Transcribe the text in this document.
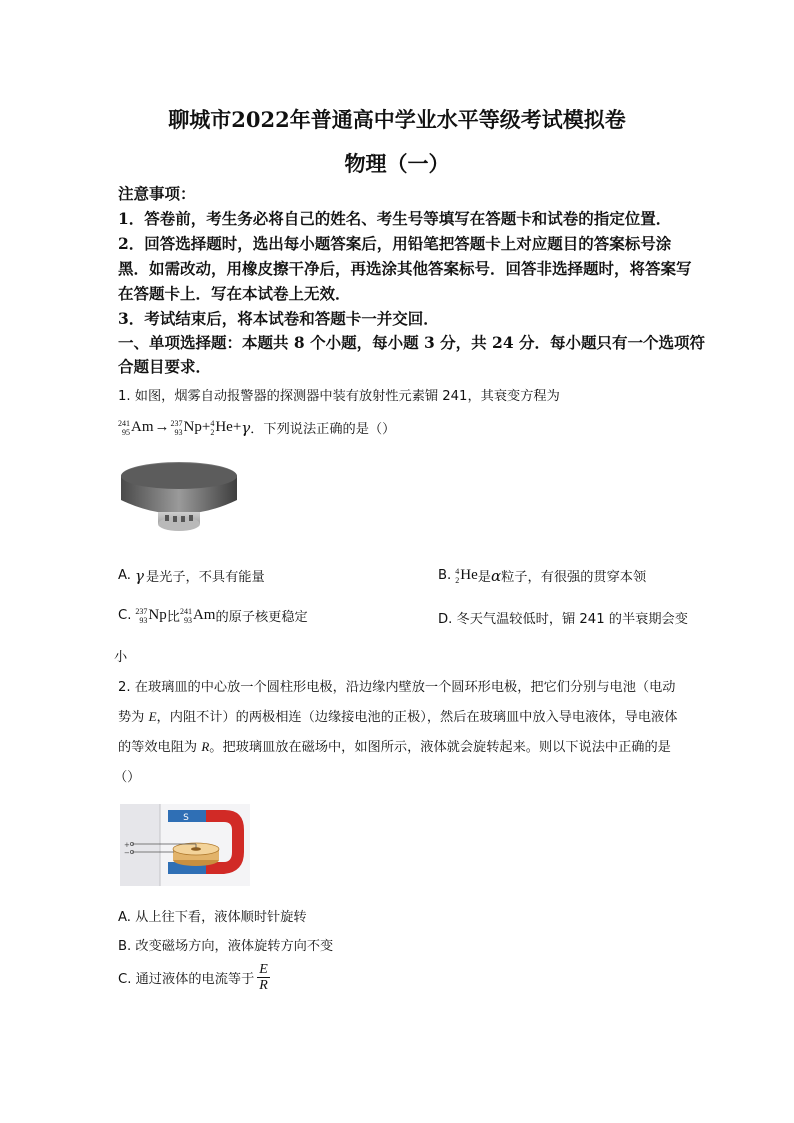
聊城市2022年普通高中学业水平等级考试模拟卷
物理（一）
注意事项：
1．答卷前，考生务必将自己的姓名、考生号等填写在答题卡和试卷的指定位置．
2．回答选择题时，选出每小题答案后，用铅笔把答题卡上对应题目的答案标号涂
黑．如需改动，用橡皮擦干净后，再选涂其他答案标号．回答非选择题时，将答案写
在答题卡上．写在本试卷上无效．
3．考试结束后，将本试卷和答题卡一并交回．
一、单项选择题：本题共 8 个小题，每小题 3 分，共 24 分．每小题只有一个选项符
合题目要求．
1. 如图，烟雾自动报警器的探测器中装有放射性元素镅 241，其衰变方程为
241
95 Am → 237
93 Np + 4
2 He + γ ．下列说法正确的是（）
A. γ 是光子，不具有能量	B. 4
2 He 是 α 粒子，有很强的贯穿本领
C. 237
93 Np 比 241
93 Am 的原子核更稳定	D. 冬天气温较低时，镅 241 的半衰期会变
小
2. 在玻璃皿的中心放一个圆柱形电极，沿边缘内壁放一个圆环形电极，把它们分别与电池（电动
势为 E，内阻不计）的两极相连（边缘接电池的正极），然后在玻璃皿中放入导电液体，导电液体
的等效电阻为 R。把玻璃皿放在磁场中，如图所示，液体就会旋转起来。则以下说法中正确的是
（）
S
+
−
A. 从上往下看，液体顺时针旋转
B. 改变磁场方向，液体旋转方向不变
C. 通过液体的电流等于 $\frac{E}{R}$
